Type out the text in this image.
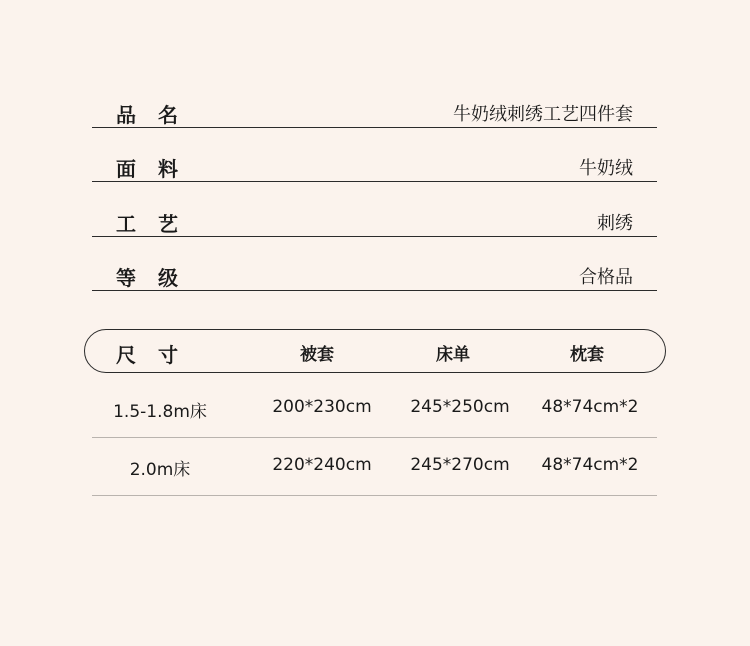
品名	牛奶绒刺绣工艺四件套
面料	牛奶绒
工艺	刺绣
等级	合格品
尺寸	被套	床单	枕套
1.5-1.8m床	200*230cm	245*250cm	48*74cm*2
2.0m床	220*240cm	245*270cm	48*74cm*2
